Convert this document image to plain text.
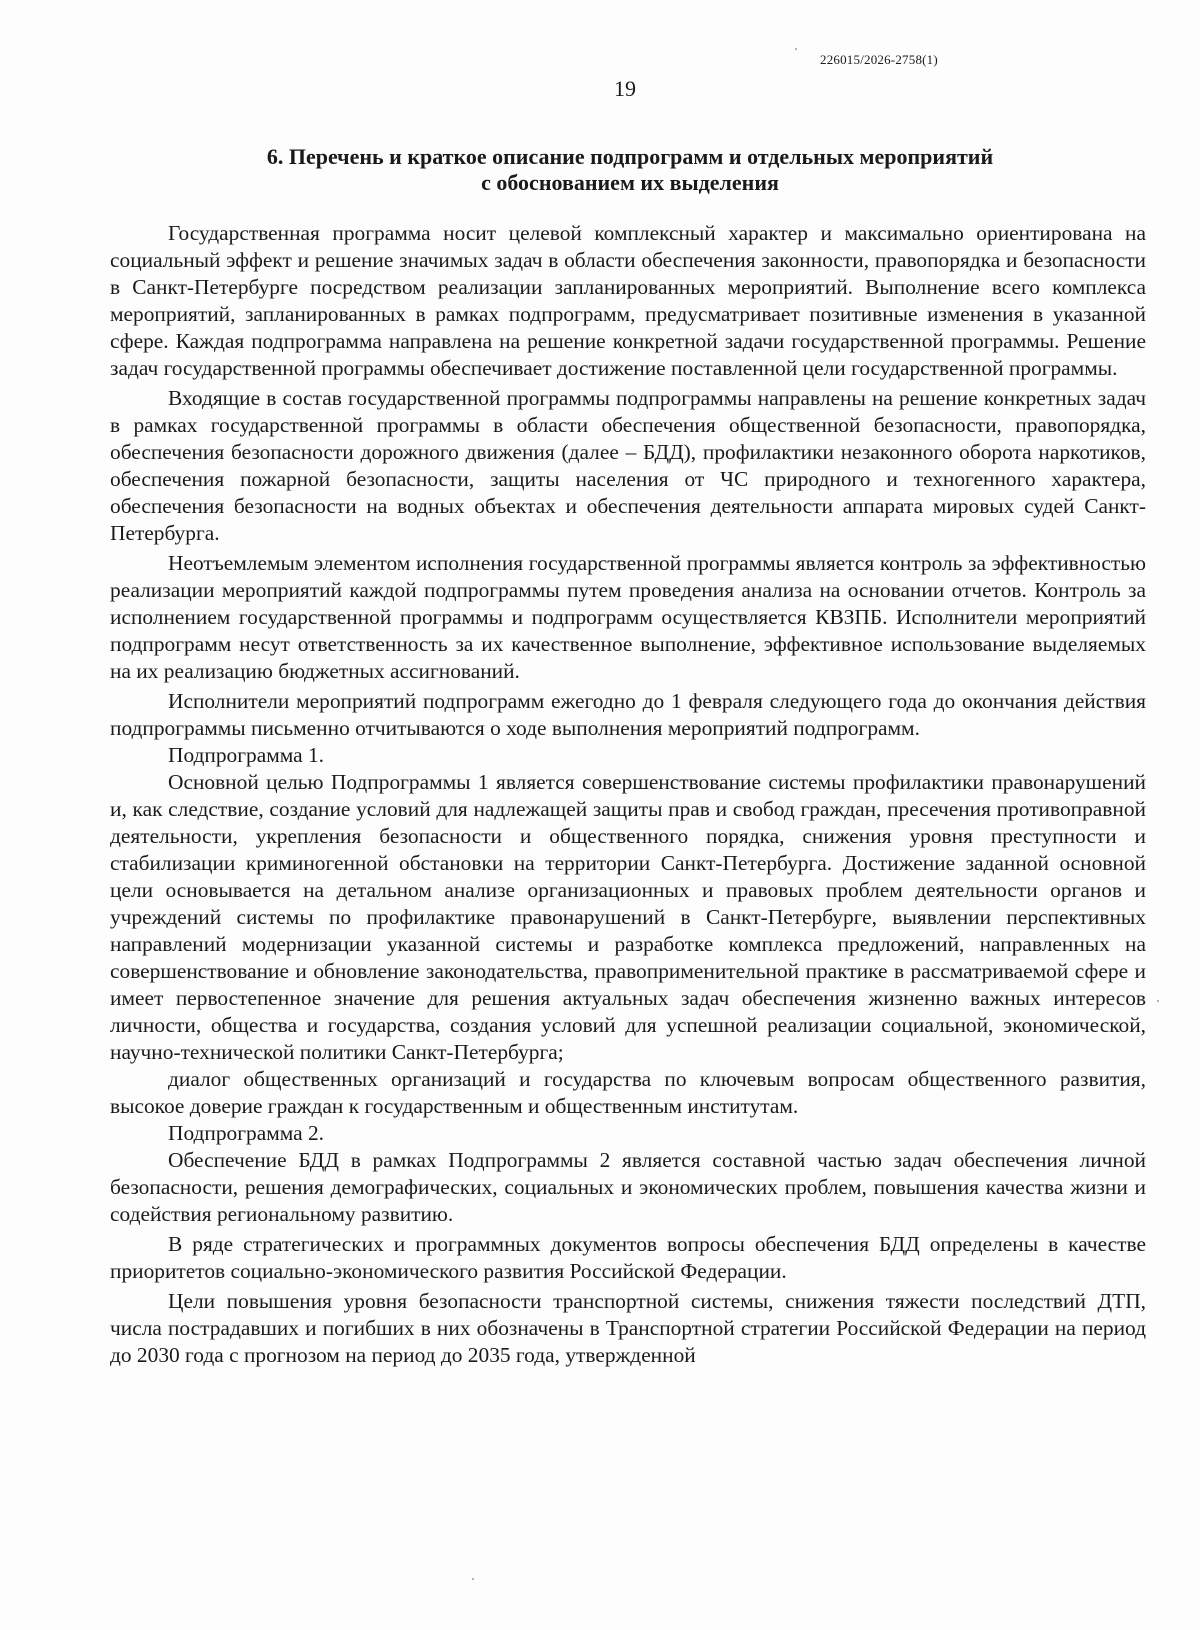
226015/2026-2758(1)
19
6. Перечень и краткое описание подпрограмм и отдельных мероприятий
с обоснованием их выделения

Государственная программа носит целевой комплексный характер и максимально ориентирована на социальный эффект и решение значимых задач в области обеспечения законности, правопорядка и безопасности в Санкт-Петербурге посредством реализации запланированных мероприятий. Выполнение всего комплекса мероприятий, запланированных в рамках подпрограмм, предусматривает позитивные изменения в указанной сфере. Каждая подпрограмма направлена на решение конкретной задачи государственной программы. Решение задач государственной программы обеспечивает достижение поставленной цели государственной программы.

Входящие в состав государственной программы подпрограммы направлены на решение конкретных задач в рамках государственной программы в области обеспечения общественной безопасности, правопорядка, обеспечения безопасности дорожного движения (далее – БДД), профилактики незаконного оборота наркотиков, обеспечения пожарной безопасности, защиты населения от ЧС природного и техногенного характера, обеспечения безопасности на водных объектах и обеспечения деятельности аппарата мировых судей Санкт-Петербурга.

Неотъемлемым элементом исполнения государственной программы является контроль за эффективностью реализации мероприятий каждой подпрограммы путем проведения анализа на основании отчетов. Контроль за исполнением государственной программы и подпрограмм осуществляется КВЗПБ. Исполнители мероприятий подпрограмм несут ответственность за их качественное выполнение, эффективное использование выделяемых на их реализацию бюджетных ассигнований.

Исполнители мероприятий подпрограмм ежегодно до 1 февраля следующего года до окончания действия подпрограммы письменно отчитываются о ходе выполнения мероприятий подпрограмм.

Подпрограмма 1.

Основной целью Подпрограммы 1 является совершенствование системы профилактики правонарушений и, как следствие, создание условий для надлежащей защиты прав и свобод граждан, пресечения противоправной деятельности, укрепления безопасности и общественного порядка, снижения уровня преступности и стабилизации криминогенной обстановки на территории Санкт-Петербурга. Достижение заданной основной цели основывается на детальном анализе организационных и правовых проблем деятельности органов и учреждений системы по профилактике правонарушений в Санкт-Петербурге, выявлении перспективных направлений модернизации указанной системы и разработке комплекса предложений, направленных на совершенствование и обновление законодательства, правоприменительной практике в рассматриваемой сфере и имеет первостепенное значение для решения актуальных задач обеспечения жизненно важных интересов личности, общества и государства, создания условий для успешной реализации социальной, экономической, научно-технической политики Санкт-Петербурга;

диалог общественных организаций и государства по ключевым вопросам общественного развития, высокое доверие граждан к государственным и общественным институтам.

Подпрограмма 2.

Обеспечение БДД в рамках Подпрограммы 2 является составной частью задач обеспечения личной безопасности, решения демографических, социальных и экономических проблем, повышения качества жизни и содействия региональному развитию.

В ряде стратегических и программных документов вопросы обеспечения БДД определены в качестве приоритетов социально-экономического развития Российской Федерации.

Цели повышения уровня безопасности транспортной системы, снижения тяжести последствий ДТП, числа пострадавших и погибших в них обозначены в Транспортной стратегии Российской Федерации на период до 2030 года с прогнозом на период до 2035 года, утвержденной
